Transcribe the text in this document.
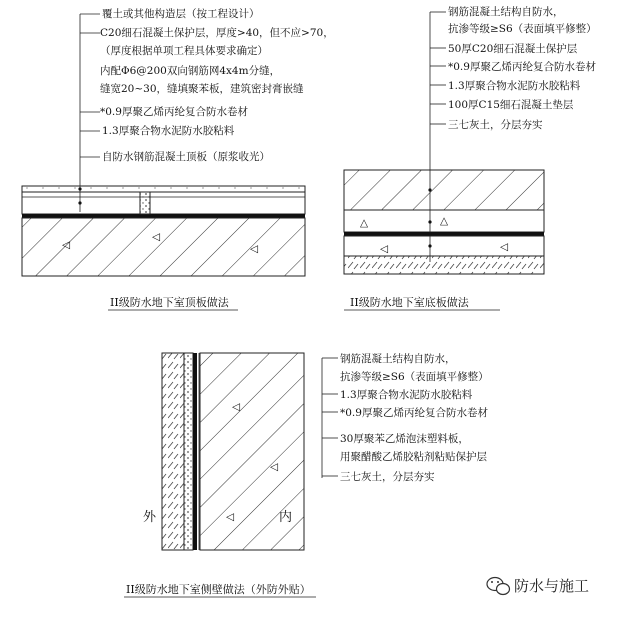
◁
◁
◁
覆土或其他构造层（按工程设计）
C20细石混凝土保护层，厚度>40，但不应>70，
（厚度根据单项工程具体要求确定）
内配Φ6@200双向钢筋网4x4m分缝，
缝宽20~30，缝填聚苯板，建筑密封膏嵌缝
*0.9厚聚乙烯丙纶复合防水卷材
1.3厚聚合物水泥防水胶粘料
自防水钢筋混凝土顶板（原浆收光）
II级防水地下室顶板做法
△	△
◁	◁
钢筋混凝土结构自防水，
抗渗等级≥S6（表面填平修整）
50厚C20细石混凝土保护层
*0.9厚聚乙烯丙纶复合防水卷材
1.3厚聚合物水泥防水胶粘料
100厚C15细石混凝土垫层
三七灰土，分层夯实
II级防水地下室底板做法
◁
◁
◁
钢筋混凝土结构自防水，
抗渗等级≥S6（表面填平修整）
1.3厚聚合物水泥防水胶粘料
*0.9厚聚乙烯丙纶复合防水卷材
30厚聚苯乙烯泡沫塑料板，
用聚醋酸乙烯胶粘剂粘贴保护层
三七灰土，分层夯实
外	内
II级防水地下室侧壁做法（外防外贴）	防水与施工
